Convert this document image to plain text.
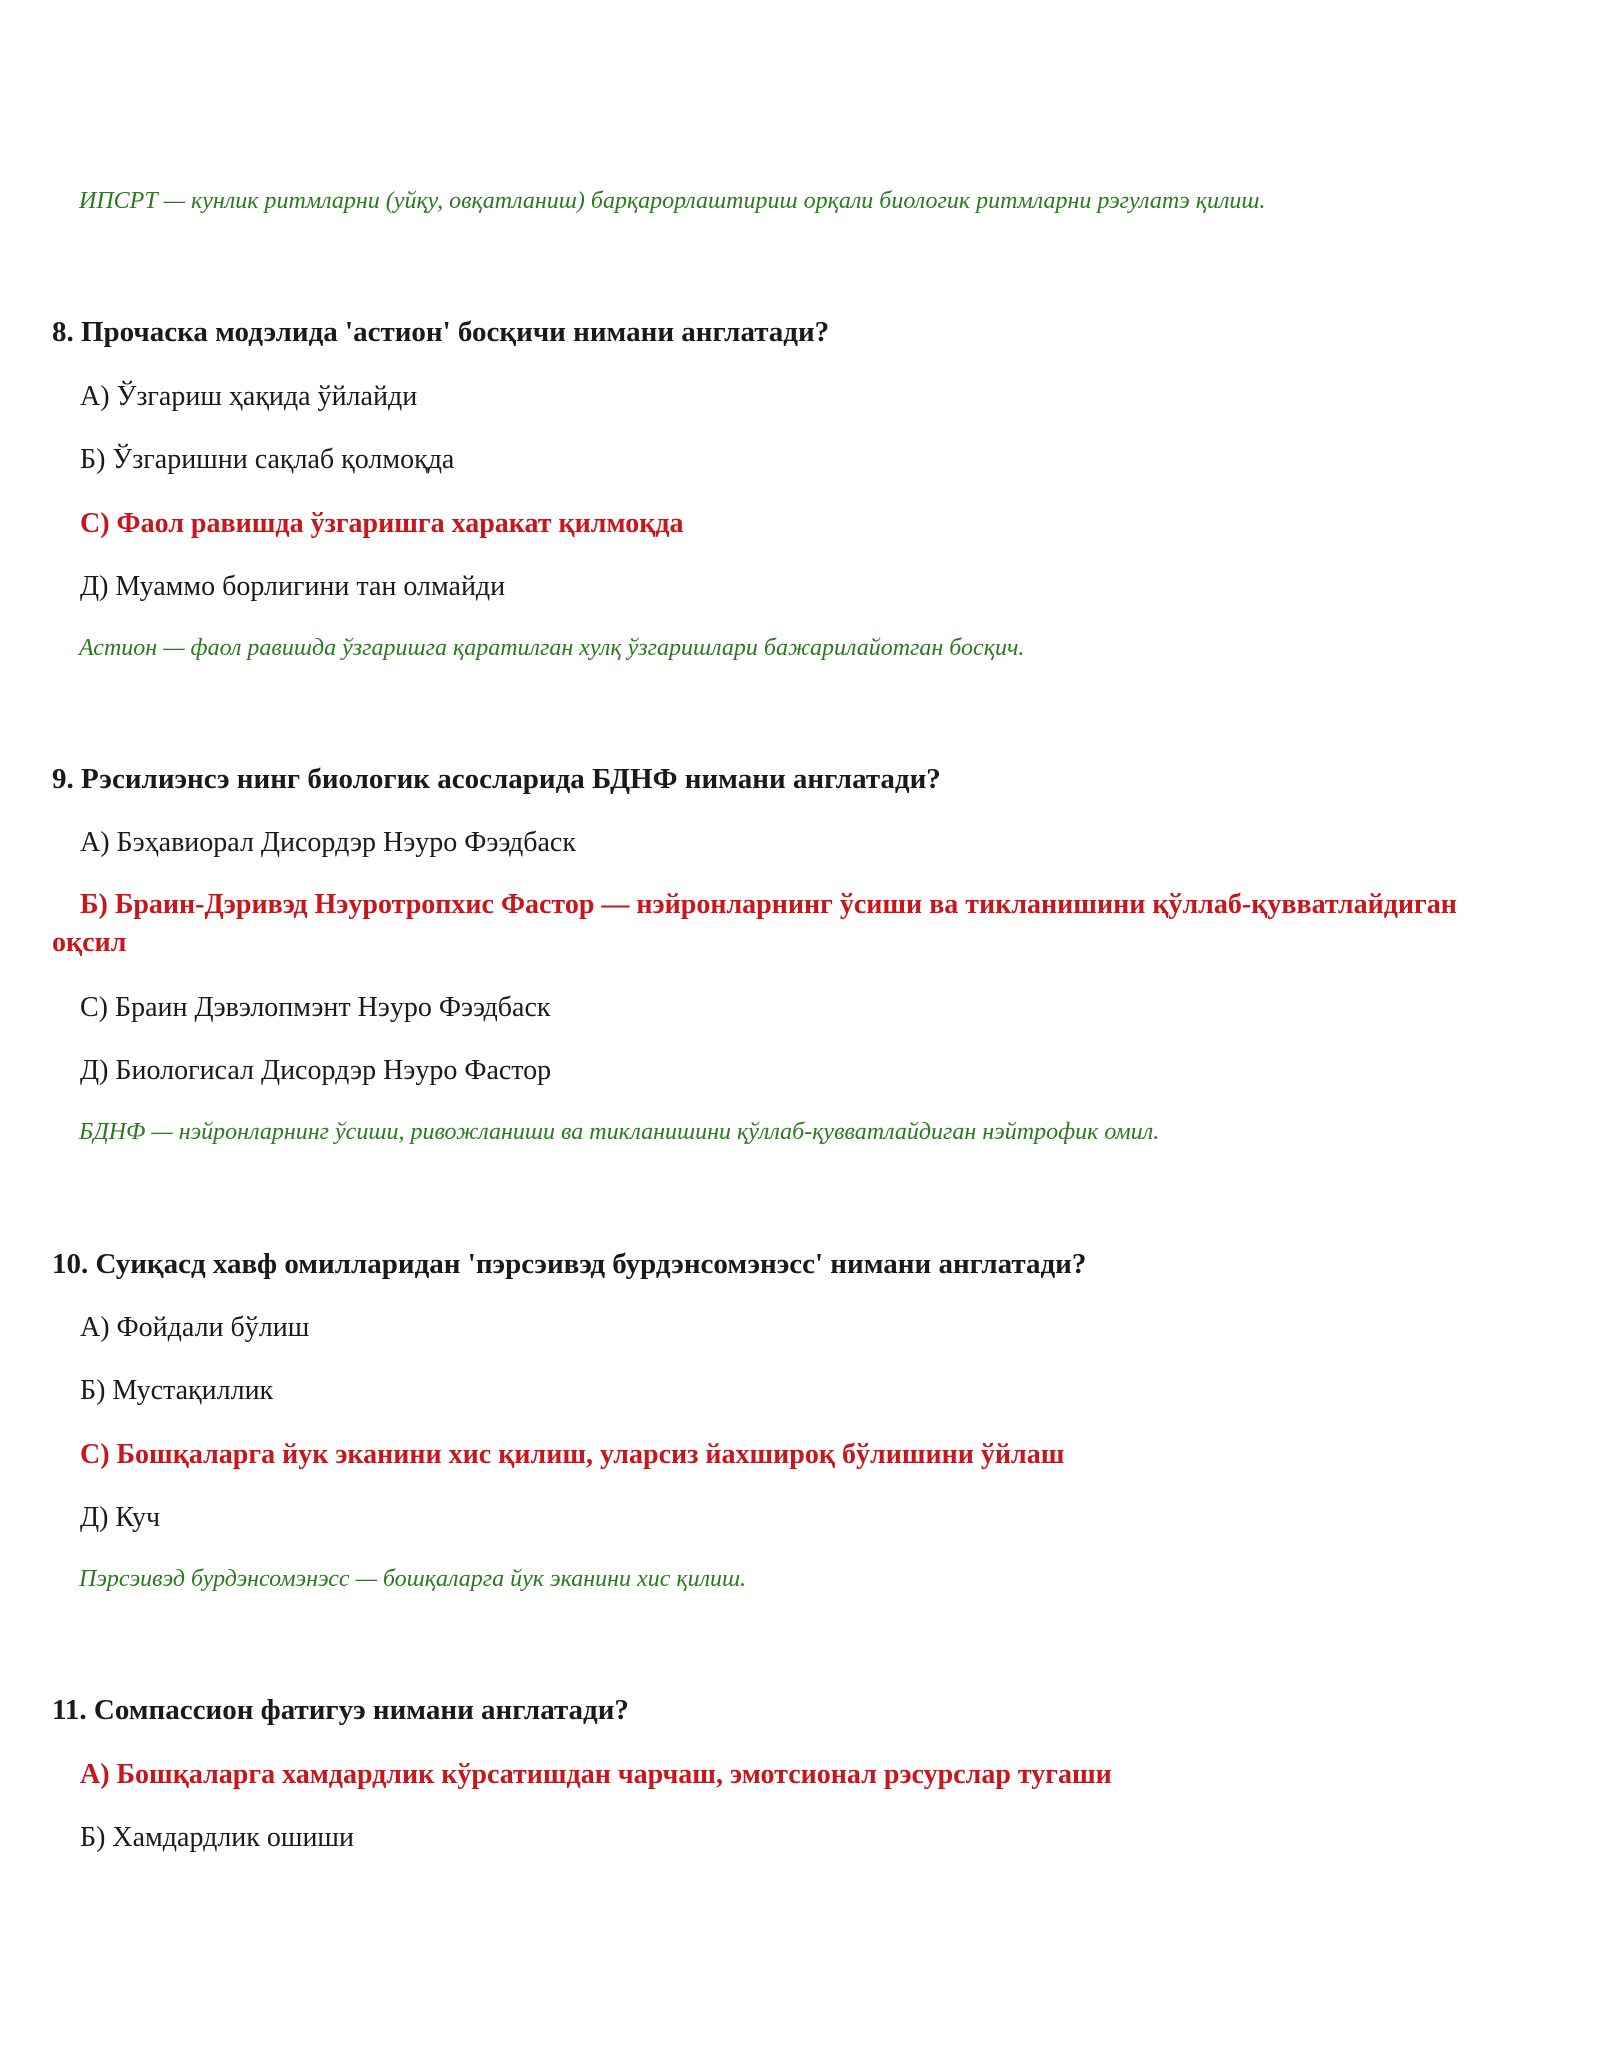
ИПСРТ — кунлик ритмларни (уйқу, овқатланиш) барқарорлаштириш орқали биологик ритмларни рэгулатэ қилиш.
8. Прочаска модэлида 'астион' босқичи нимани англатади?
А) Ўзгариш ҳақида ўйлайди
Б) Ўзгаришни сақлаб қолмоқда
С) Фаол равишда ўзгаришга харакат қилмоқда
Д) Муаммо борлигини тан олмайди
Астион — фаол равишда ўзгаришга қаратилган хулқ ўзгаришлари бажарилайотган босқич.
9. Рэсилиэнсэ нинг биологик асосларида БДНФ нимани англатади?
А) Бэҳавиорал Дисордэр Нэуро Фээдбаск
Б) Браин-Дэривэд Нэуротропхис Фастор — нэйронларнинг ўсиши ва тикланишини қўллаб-қувватлайдиган оқсил
С) Браин Дэвэлопмэнт Нэуро Фээдбаск
Д) Биологисал Дисордэр Нэуро Фастор
БДНФ — нэйронларнинг ўсиши, ривожланиши ва тикланишини қўллаб-қувватлайдиган нэйтрофик омил.
10. Суиқасд хавф омилларидан 'пэрсэивэд бурдэнсомэнэсс' нимани англатади?
А) Фойдали бўлиш
Б) Мустақиллик
С) Бошқаларга йук эканини хис қилиш, уларсиз йахшироқ бўлишини ўйлаш
Д) Куч
Пэрсэивэд бурдэнсомэнэсс — бошқаларга йук эканини хис қилиш.
11. Сомпассион фатигуэ нимани англатади?
А) Бошқаларга хамдардлик кўрсатишдан чарчаш, эмотсионал рэсурслар тугаши
Б) Хамдардлик ошиши
